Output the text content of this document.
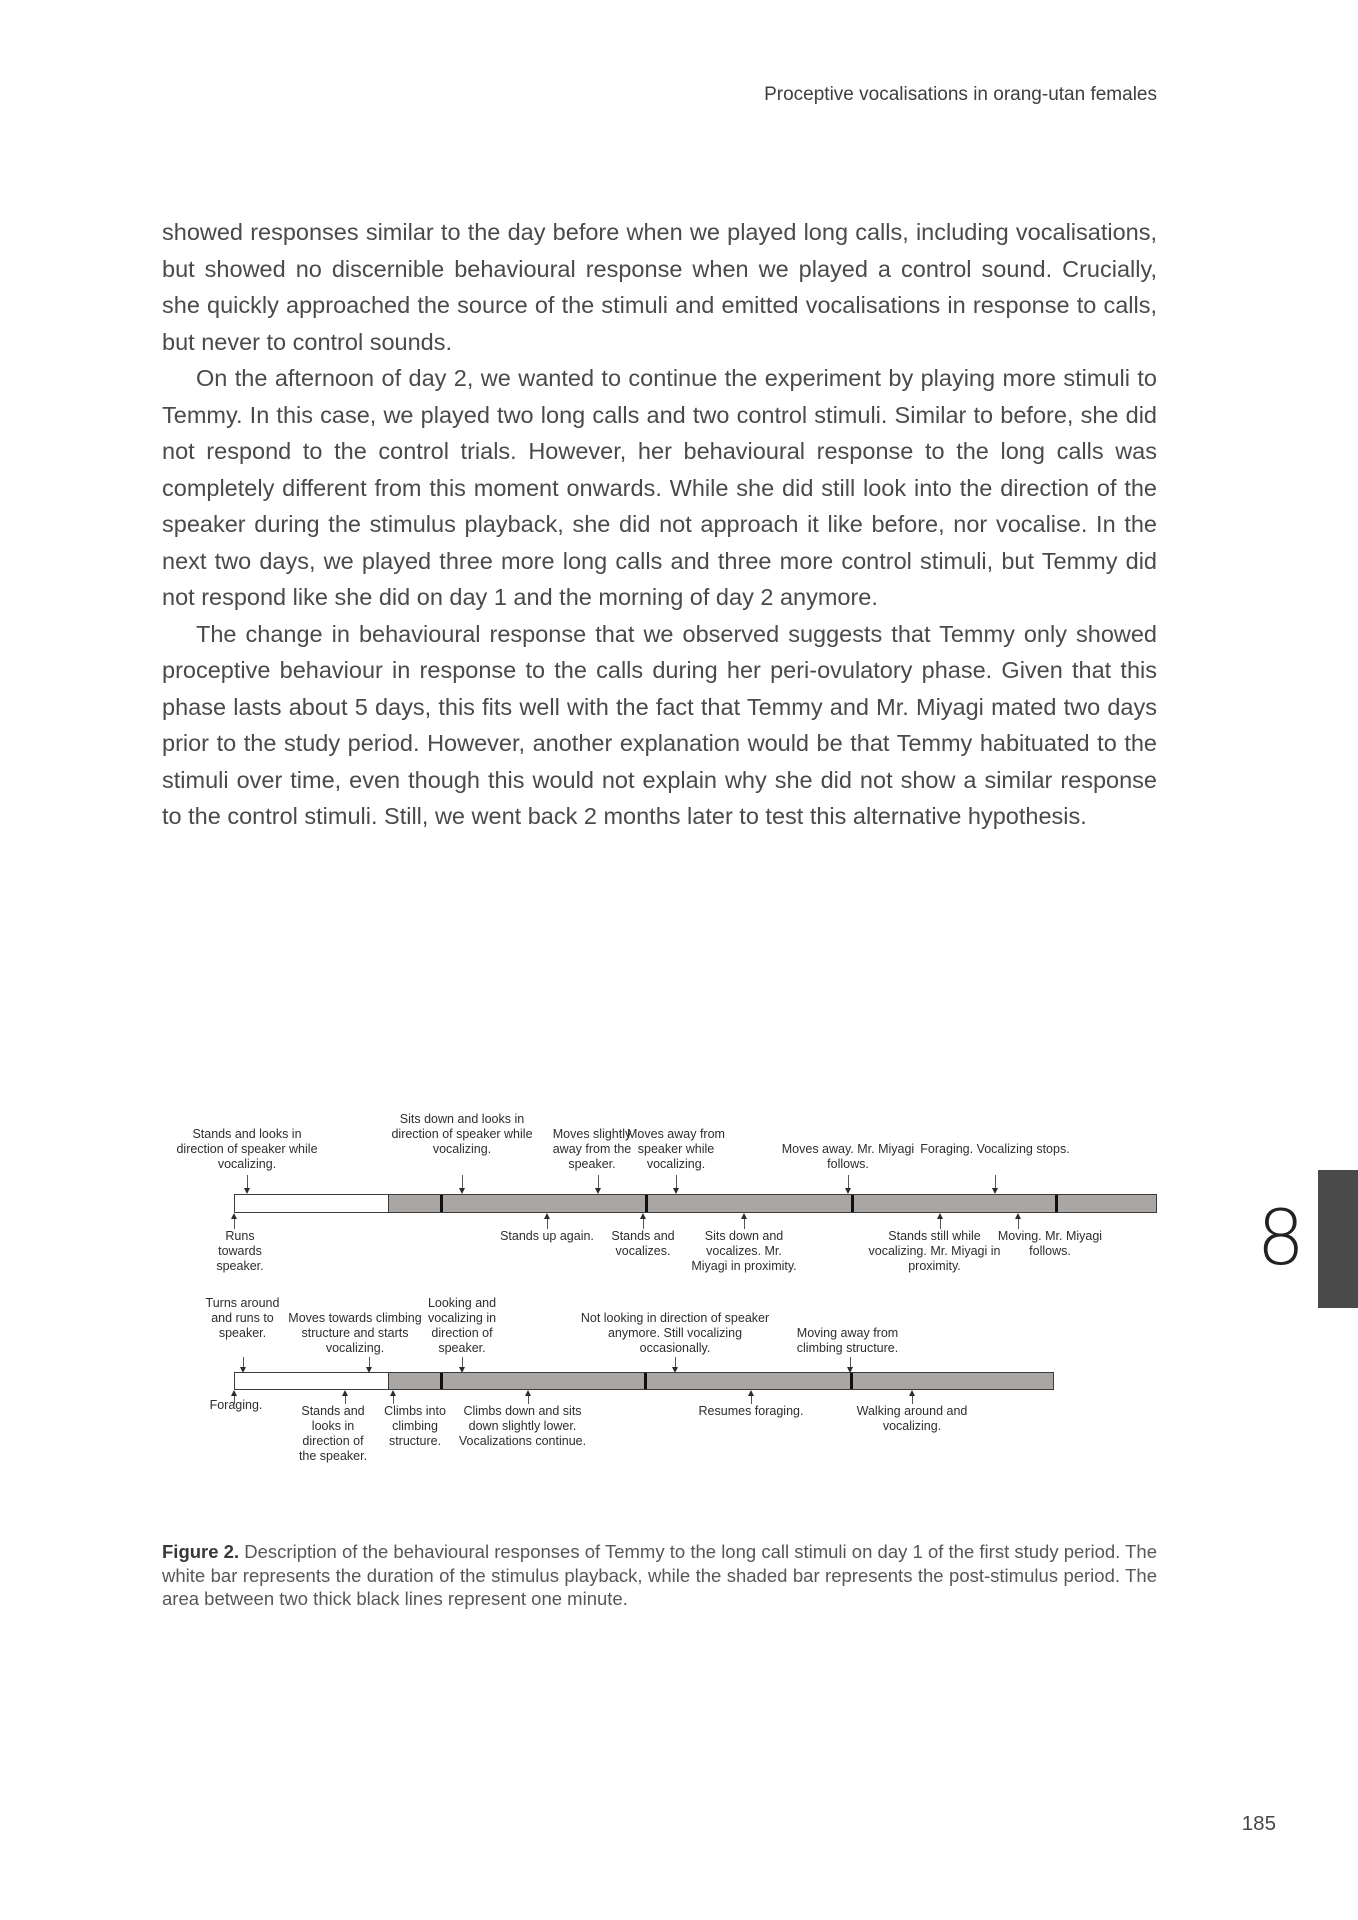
Proceptive vocalisations in orang-utan females

showed responses similar to the day before when we played long calls, including vocalisations, but showed no discernible behavioural response when we played a control sound. Crucially, she quickly approached the source of the stimuli and emitted vocalisations in response to calls, but never to control sounds.

On the afternoon of day 2, we wanted to continue the experiment by playing more stimuli to Temmy. In this case, we played two long calls and two control stimuli. Similar to before, she did not respond to the control trials. However, her behavioural response to the long calls was completely different from this moment onwards. While she did still look into the direction of the speaker during the stimulus playback, she did not approach it like before, nor vocalise. In the next two days, we played three more long calls and three more control stimuli, but Temmy did not respond like she did on day 1 and the morning of day 2 anymore.

The change in behavioural response that we observed suggests that Temmy only showed proceptive behaviour in response to the calls during her peri-ovulatory phase. Given that this phase lasts about 5 days, this fits well with the fact that Temmy and Mr. Miyagi mated two days prior to the study period. However, another explanation would be that Temmy habituated to the stimuli over time, even though this would not explain why she did not show a similar response to the control stimuli. Still, we went back 2 months later to test this alternative hypothesis.

Stands and looks in direction of speaker while vocalizing.
Sits down and looks in direction of speaker while vocalizing.
Moves slightly away from the speaker.
Moves away from speaker while vocalizing.
Moves away. Mr. Miyagi follows.
Foraging. Vocalizing stops.
Runs towards speaker.
Stands up again.	Stands and vocalizes.
Sits down and vocalizes. Mr. Miyagi in proximity.
Stands still while vocalizing. Mr. Miyagi in proximity.
Moving. Mr. Miyagi follows.
Turns around and runs to speaker.
Moves towards climbing structure and starts vocalizing.
Looking and vocalizing in direction of speaker.
Not looking in direction of speaker anymore. Still vocalizing occasionally.
Moving away from climbing structure.
Foraging.	Stands and looks in direction of the speaker.
Climbs into climbing structure.
Climbs down and sits down slightly lower. Vocalizations continue.
Resumes foraging.	Walking around and vocalizing.
Figure 2. Description of the behavioural responses of Temmy to the long call stimuli on day 1 of the first study period. The white bar represents the duration of the stimulus playback, while the shaded bar represents the post-stimulus period. The area between two thick black lines represent one minute.
8
185
